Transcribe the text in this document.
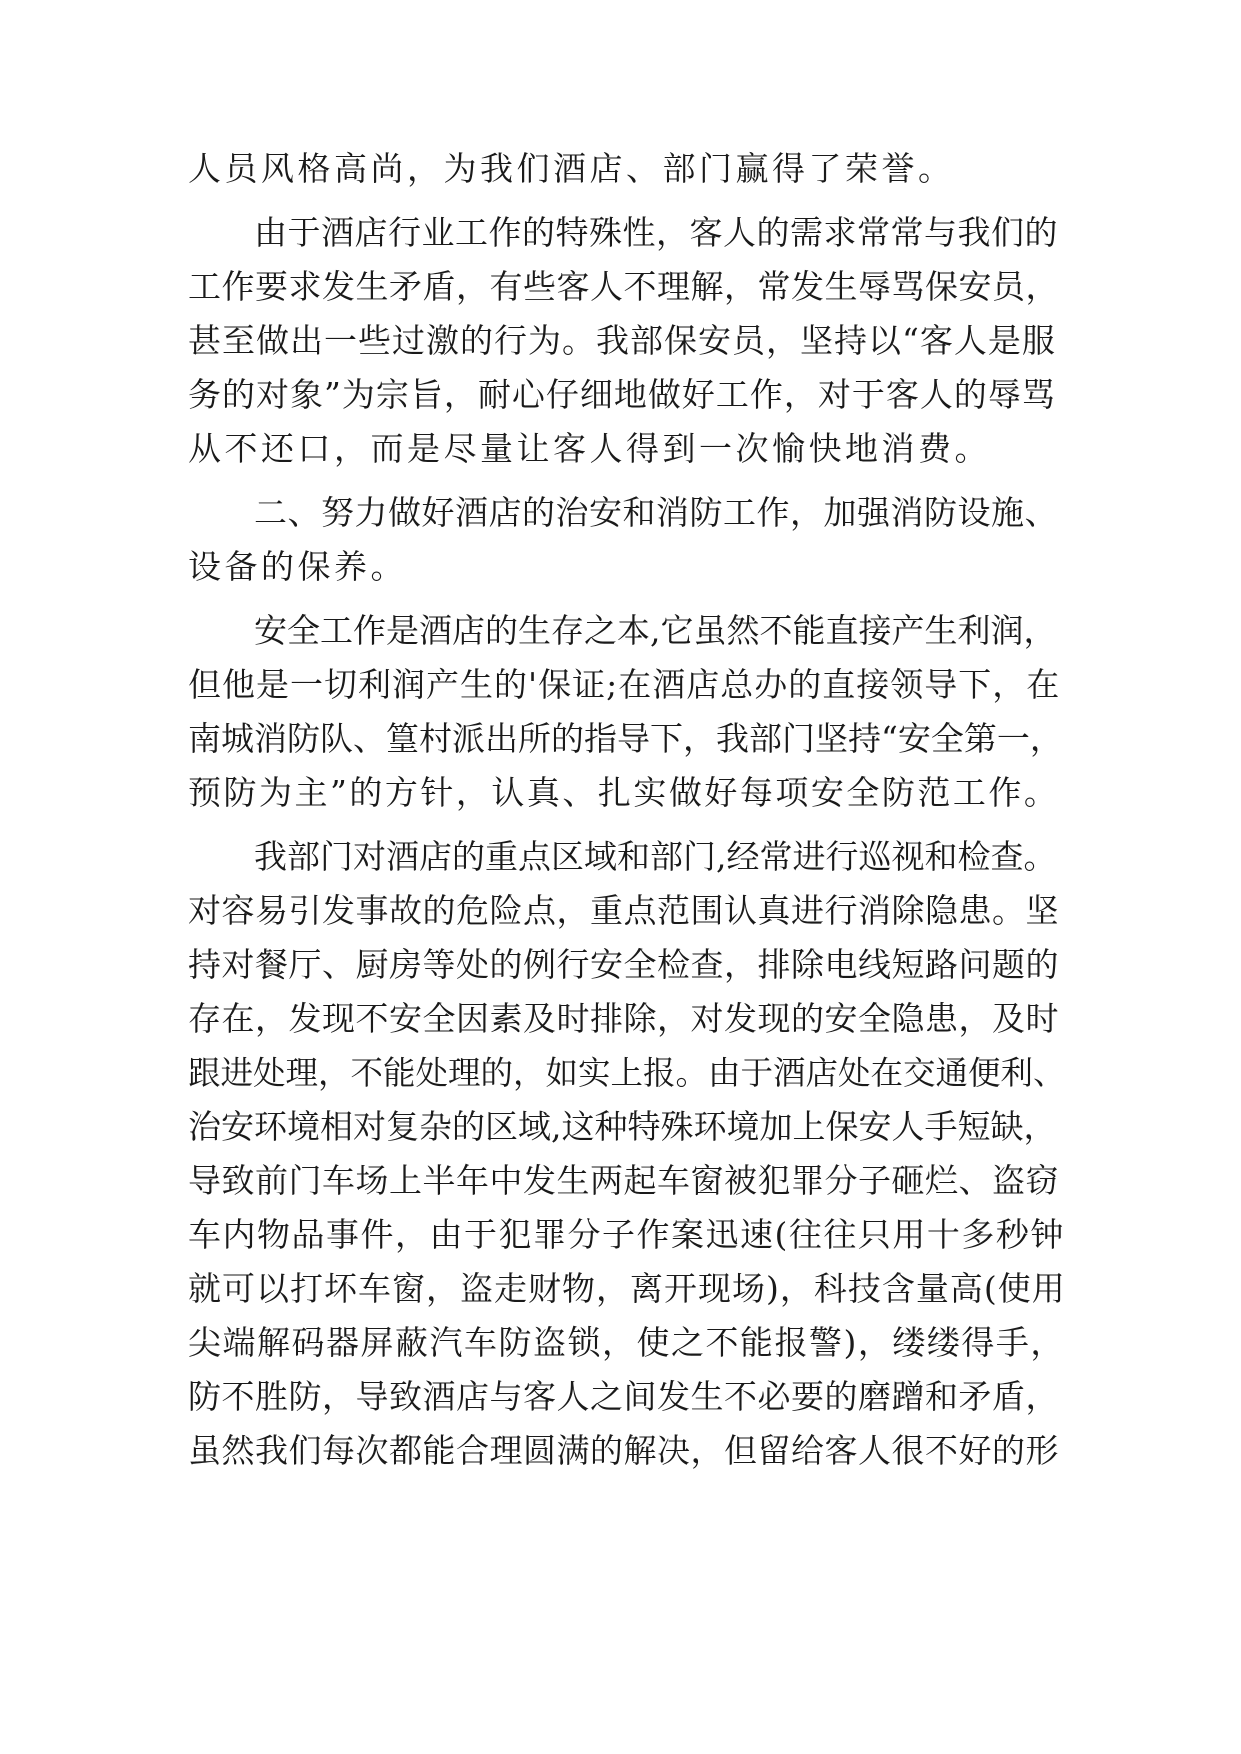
人员风格高尚，为我们酒店、部门赢得了荣誉。
由于酒店行业工作的特殊性，客人的需求常常与我们的
工作要求发生矛盾，有些客人不理解，常发生辱骂保安员，
甚至做出一些过激的行为。我部保安员，坚持以“客人是服
务的对象”为宗旨，耐心仔细地做好工作，对于客人的辱骂
从不还口，而是尽量让客人得到一次愉快地消费。
二、努力做好酒店的治安和消防工作，加强消防设施、
设备的保养。
安全工作是酒店的生存之本,它虽然不能直接产生利润，
但他是一切利润产生的'保证;在酒店总办的直接领导下，在
南城消防队、篁村派出所的指导下，我部门坚持“安全第一，
预防为主”的方针，认真、扎实做好每项安全防范工作。
我部门对酒店的重点区域和部门,经常进行巡视和检查。
对容易引发事故的危险点，重点范围认真进行消除隐患。坚
持对餐厅、厨房等处的例行安全检查，排除电线短路问题的
存在，发现不安全因素及时排除，对发现的安全隐患，及时
跟进处理，不能处理的，如实上报。由于酒店处在交通便利、
治安环境相对复杂的区域,这种特殊环境加上保安人手短缺，
导致前门车场上半年中发生两起车窗被犯罪分子砸烂、盗窃
车内物品事件，由于犯罪分子作案迅速(往往只用十多秒钟
就可以打坏车窗，盗走财物，离开现场)，科技含量高(使用
尖端解码器屏蔽汽车防盗锁，使之不能报警)，缕缕得手，
防不胜防，导致酒店与客人之间发生不必要的磨蹭和矛盾，
虽然我们每次都能合理圆满的解决，但留给客人很不好的形
